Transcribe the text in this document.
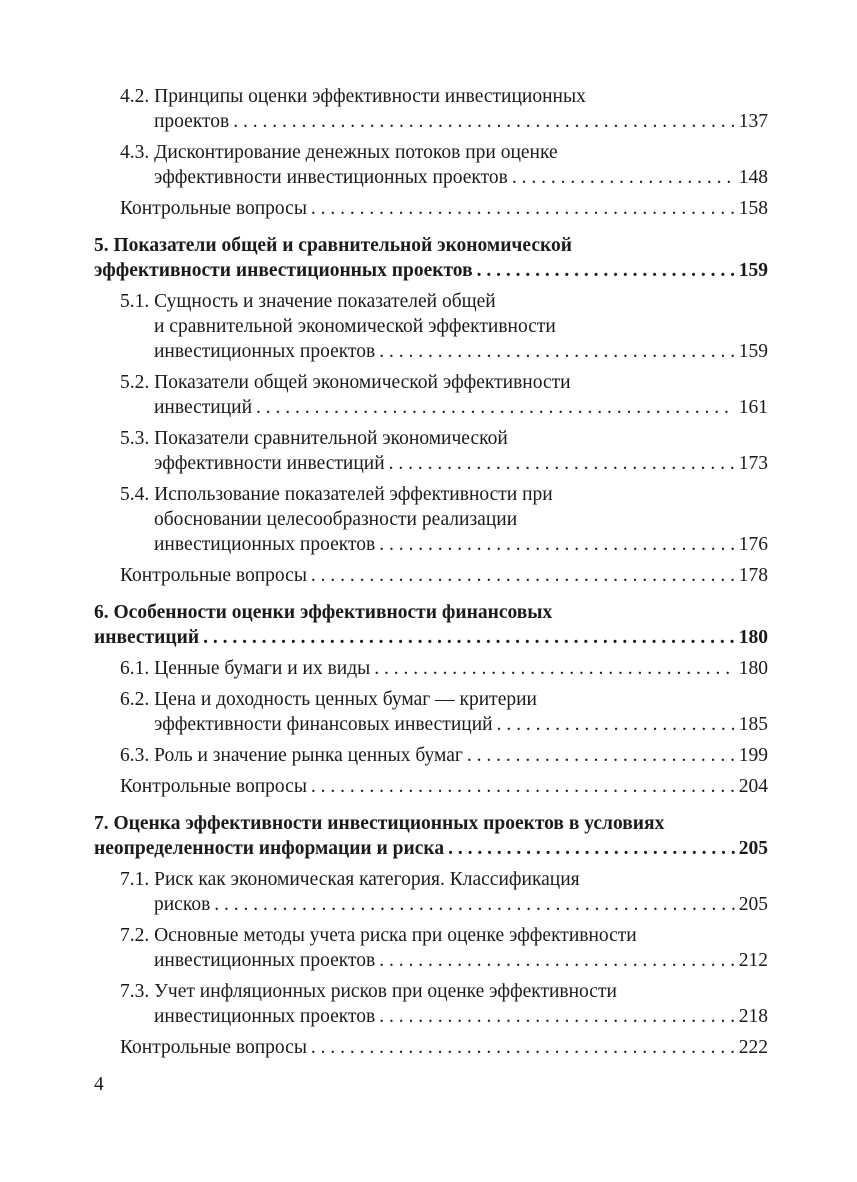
4.2. Принципы оценки эффективности инвестиционных
проектов . . .	137
4.3. Дисконтирование денежных потоков при оценке
эффективности инвестиционных проектов . . .	148
Контрольные вопросы . . .	158
5. Показатели общей и сравнительной экономической
эффективности инвестиционных проектов . . .	159
5.1. Сущность и значение показателей общей
и сравнительной экономической эффективности
инвестиционных проектов . . .	159
5.2. Показатели общей экономической эффективности
инвестиций . . .	161
5.3. Показатели сравнительной экономической
эффективности инвестиций . . .	173
5.4. Использование показателей эффективности при
обосновании целесообразности реализации
инвестиционных проектов . . .	176
Контрольные вопросы . . .	178
6. Особенности оценки эффективности финансовых
инвестиций . . .	180
6.1. Ценные бумаги и их виды . . .	180
6.2. Цена и доходность ценных бумаг — критерии
эффективности финансовых инвестиций . . .	185
6.3. Роль и значение рынка ценных бумаг . . .	199
Контрольные вопросы . . .	204
7. Оценка эффективности инвестиционных проектов в условиях
неопределенности информации и риска . . .	205
7.1. Риск как экономическая категория. Классификация
рисков . . .	205
7.2. Основные методы учета риска при оценке эффективности
инвестиционных проектов . . .	212
7.3. Учет инфляционных рисков при оценке эффективности
инвестиционных проектов . . .	218
Контрольные вопросы . . .	222
4
